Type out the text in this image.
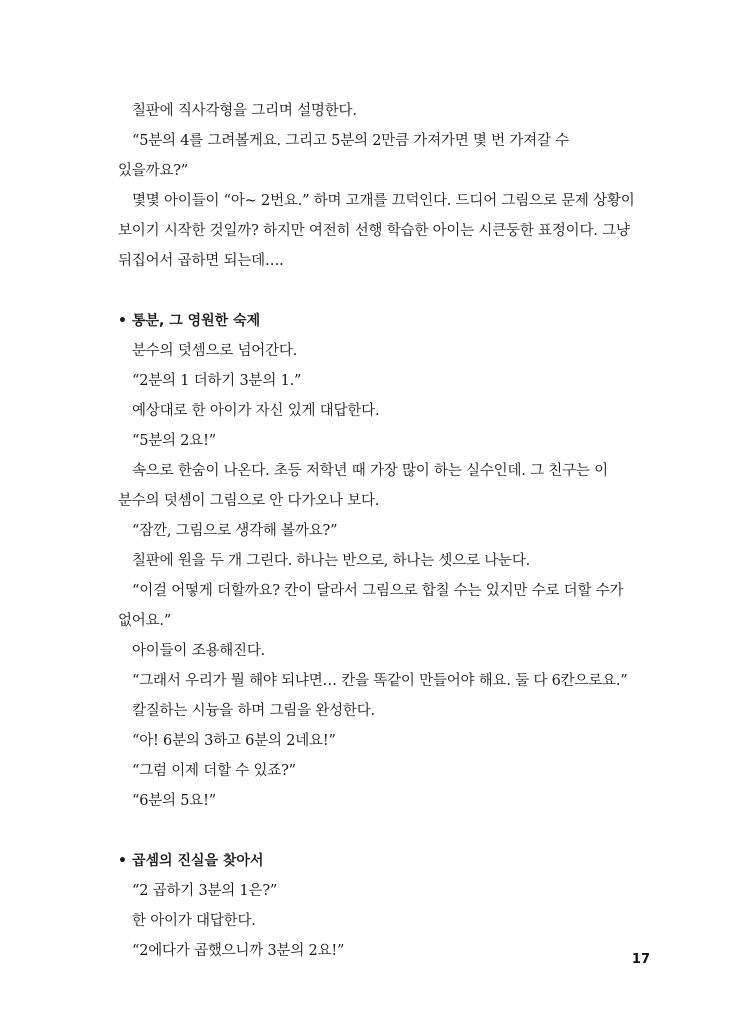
칠판에 직사각형을 그리며 설명한다.

“5분의 4를 그려볼게요. 그리고 5분의 2만큼 가져가면 몇 번 가져갈 수 있을까요?”

몇몇 아이들이 “아~ 2번요.” 하며 고개를 끄덕인다. 드디어 그림으로 문제 상황이 보이기 시작한 것일까? 하지만 여전히 선행 학습한 아이는 시큰둥한 표정이다. 그냥 뒤집어서 곱하면 되는데….

• 통분, 그 영원한 숙제

분수의 덧셈으로 넘어간다.

“2분의 1 더하기 3분의 1.”

예상대로 한 아이가 자신 있게 대답한다.

“5분의 2요!”

속으로 한숨이 나온다. 초등 저학년 때 가장 많이 하는 실수인데. 그 친구는 이 분수의 덧셈이 그림으로 안 다가오나 보다.

“잠깐, 그림으로 생각해 볼까요?”

칠판에 원을 두 개 그린다. 하나는 반으로, 하나는 셋으로 나눈다.

“이걸 어떻게 더할까요? 칸이 달라서 그림으로 합칠 수는 있지만 수로 더할 수가 없어요.”

아이들이 조용해진다.

“그래서 우리가 뭘 해야 되냐면… 칸을 똑같이 만들어야 해요. 둘 다 6칸으로요.”

칼질하는 시늉을 하며 그림을 완성한다.

“아! 6분의 3하고 6분의 2네요!”

“그럼 이제 더할 수 있죠?”

“6분의 5요!”

• 곱셈의 진실을 찾아서

“2 곱하기 3분의 1은?”

한 아이가 대답한다.

“2에다가 곱했으니까 3분의 2요!”

17
